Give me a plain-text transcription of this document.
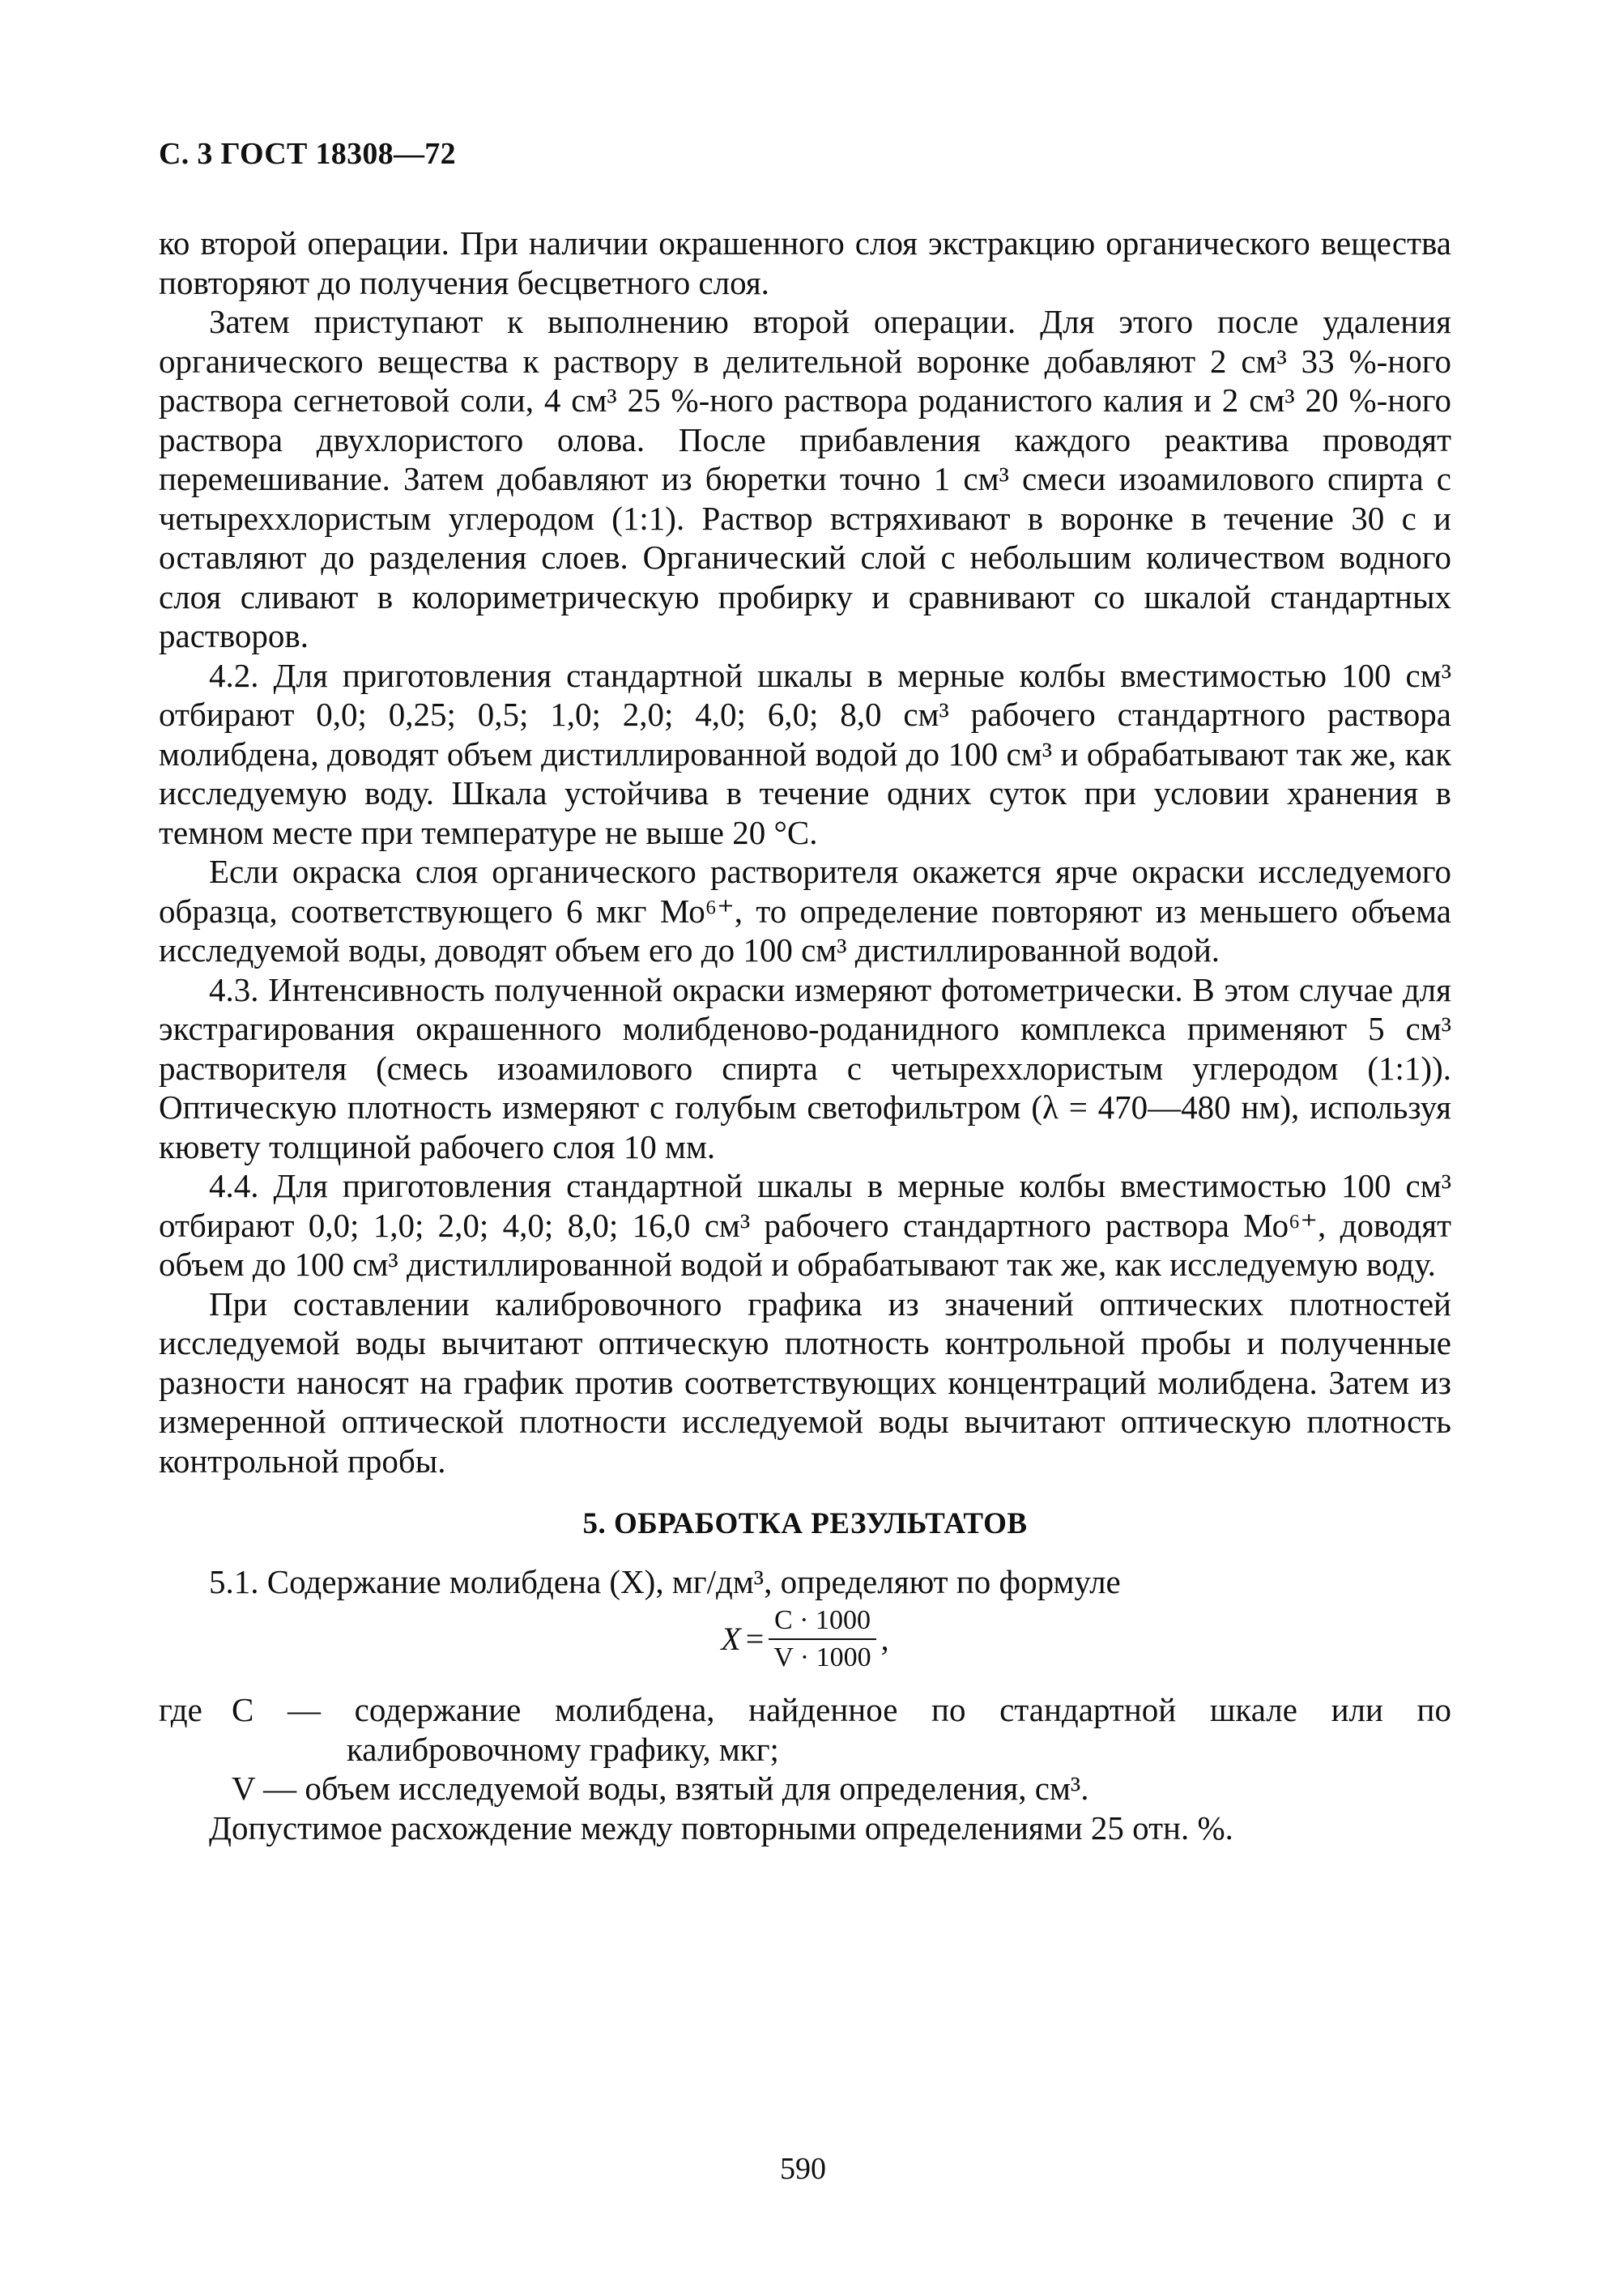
С. 3 ГОСТ 18308—72

ко второй операции. При наличии окрашенного слоя экстракцию органического вещества повторяют до получения бесцветного слоя.

Затем приступают к выполнению второй операции. Для этого после удаления органического вещества к раствору в делительной воронке добавляют 2 см³ 33 %-ного раствора сегнетовой соли, 4 см³ 25 %-ного раствора роданистого калия и 2 см³ 20 %-ного раствора двухлористого олова. После прибавления каждого реактива проводят перемешивание. Затем добавляют из бюретки точно 1 см³ смеси изоамилового спирта с четыреххлористым углеродом (1:1). Раствор встряхивают в воронке в течение 30 с и оставляют до разделения слоев. Органический слой с небольшим количеством водного слоя сливают в колориметрическую пробирку и сравнивают со шкалой стандартных растворов.

4.2. Для приготовления стандартной шкалы в мерные колбы вместимостью 100 см³ отбирают 0,0; 0,25; 0,5; 1,0; 2,0; 4,0; 6,0; 8,0 см³ рабочего стандартного раствора молибдена, доводят объем дистиллированной водой до 100 см³ и обрабатывают так же, как исследуемую воду. Шкала устойчива в течение одних суток при условии хранения в темном месте при температуре не выше 20 °С.

Если окраска слоя органического растворителя окажется ярче окраски исследуемого образца, соответствующего 6 мкг Мо⁶⁺, то определение повторяют из меньшего объема исследуемой воды, доводят объем его до 100 см³ дистиллированной водой.

4.3. Интенсивность полученной окраски измеряют фотометрически. В этом случае для экстрагирования окрашенного молибденово-роданидного комплекса применяют 5 см³ растворителя (смесь изоамилового спирта с четыреххлористым углеродом (1:1)). Оптическую плотность измеряют с голубым светофильтром (λ = 470—480 нм), используя кювету толщиной рабочего слоя 10 мм.

4.4. Для приготовления стандартной шкалы в мерные колбы вместимостью 100 см³ отбирают 0,0; 1,0; 2,0; 4,0; 8,0; 16,0 см³ рабочего стандартного раствора Мо⁶⁺, доводят объем до 100 см³ дистиллированной водой и обрабатывают так же, как исследуемую воду.

При составлении калибровочного графика из значений оптических плотностей исследуемой воды вычитают оптическую плотность контрольной пробы и полученные разности наносят на график против соответствующих концентраций молибдена. Затем из измеренной оптической плотности исследуемой воды вычитают оптическую плотность контрольной пробы.

5. ОБРАБОТКА РЕЗУЛЬТАТОВ

5.1. Содержание молибдена (X), мг/дм³, определяют по формуле

$X = \frac{C \cdot 1000}{V \cdot 1000}$ ,
где C — содержание молибдена, найденное по стандартной шкале или по калибровочному графику, мкг;
V — объем исследуемой воды, взятый для определения, см³.

Допустимое расхождение между повторными определениями 25 отн. %.

590
